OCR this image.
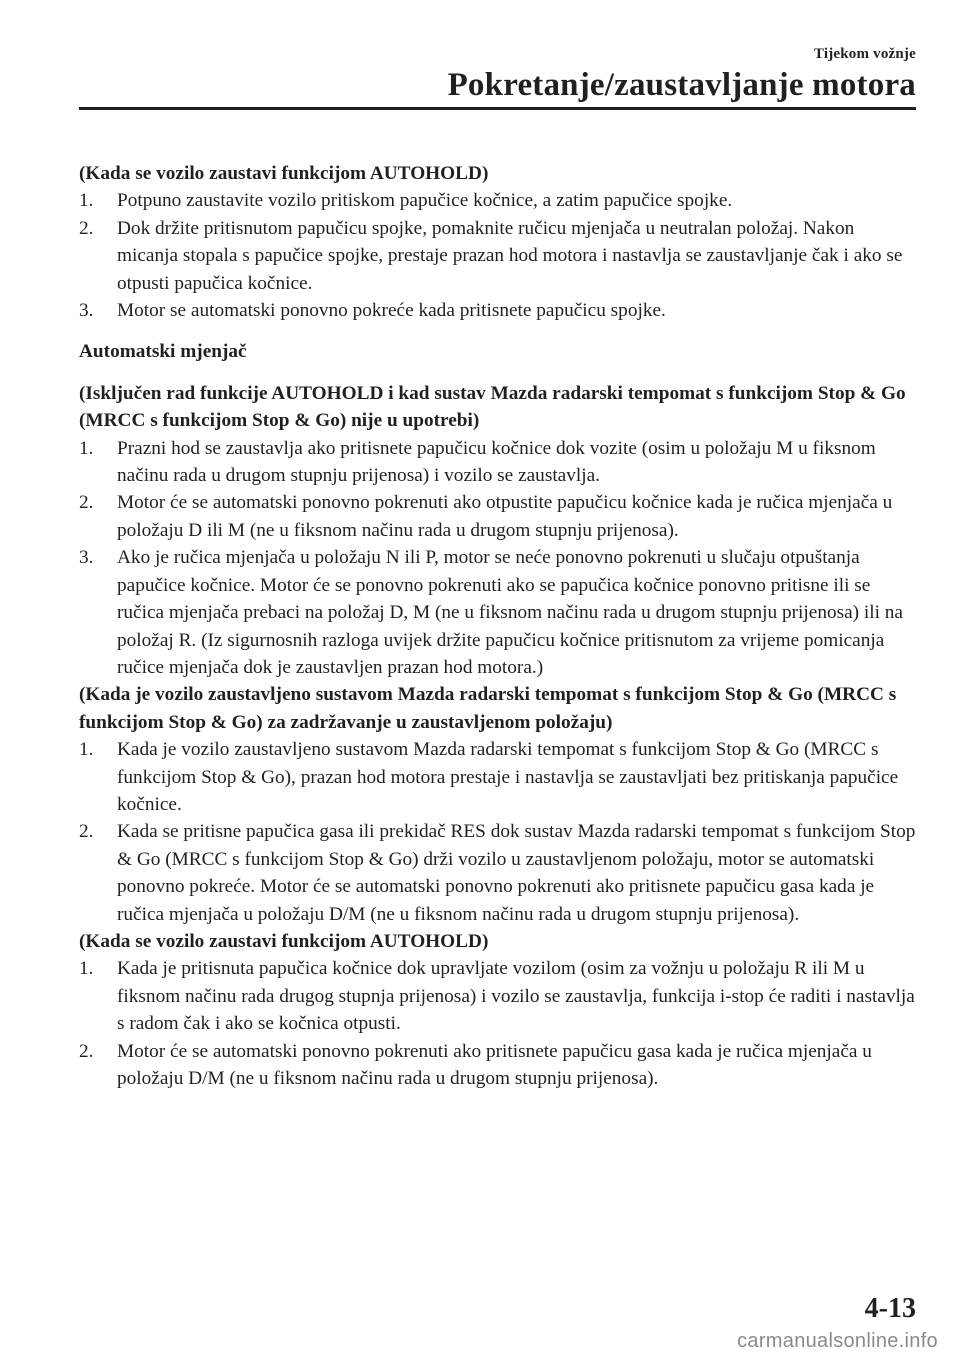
Tijekom vožnje
Pokretanje/zaustavljanje motora
(Kada se vozilo zaustavi funkcijom AUTOHOLD)
1.	Potpuno zaustavite vozilo pritiskom papučice kočnice, a zatim papučice spojke.
2.	Dok držite pritisnutom papučicu spojke, pomaknite ručicu mjenjača u neutralan položaj. Nakon micanja stopala s papučice spojke, prestaje prazan hod motora i nastavlja se zaustavljanje čak i ako se otpusti papučica kočnice.
3.	Motor se automatski ponovno pokreće kada pritisnete papučicu spojke.
Automatski mjenjač
(Isključen rad funkcije AUTOHOLD i kad sustav Mazda radarski tempomat s funkcijom Stop & Go (MRCC s funkcijom Stop & Go) nije u upotrebi)
1.	Prazni hod se zaustavlja ako pritisnete papučicu kočnice dok vozite (osim u položaju M u fiksnom načinu rada u drugom stupnju prijenosa) i vozilo se zaustavlja.
2.	Motor će se automatski ponovno pokrenuti ako otpustite papučicu kočnice kada je ručica mjenjača u položaju D ili M (ne u fiksnom načinu rada u drugom stupnju prijenosa).
3.	Ako je ručica mjenjača u položaju N ili P, motor se neće ponovno pokrenuti u slučaju otpuštanja papučice kočnice. Motor će se ponovno pokrenuti ako se papučica kočnice ponovno pritisne ili se ručica mjenjača prebaci na položaj D, M (ne u fiksnom načinu rada u drugom stupnju prijenosa) ili na položaj R. (Iz sigurnosnih razloga uvijek držite papučicu kočnice pritisnutom za vrijeme pomicanja ručice mjenjača dok je zaustavljen prazan hod motora.)
(Kada je vozilo zaustavljeno sustavom Mazda radarski tempomat s funkcijom Stop & Go (MRCC s funkcijom Stop & Go) za zadržavanje u zaustavljenom položaju)
1.	Kada je vozilo zaustavljeno sustavom Mazda radarski tempomat s funkcijom Stop & Go (MRCC s funkcijom Stop & Go), prazan hod motora prestaje i nastavlja se zaustavljati bez pritiskanja papučice kočnice.
2.	Kada se pritisne papučica gasa ili prekidač RES dok sustav Mazda radarski tempomat s funkcijom Stop & Go (MRCC s funkcijom Stop & Go) drži vozilo u zaustavljenom položaju, motor se automatski ponovno pokreće. Motor će se automatski ponovno pokrenuti ako pritisnete papučicu gasa kada je ručica mjenjača u položaju D/M (ne u fiksnom načinu rada u drugom stupnju prijenosa).
(Kada se vozilo zaustavi funkcijom AUTOHOLD)
1.	Kada je pritisnuta papučica kočnice dok upravljate vozilom (osim za vožnju u položaju R ili M u fiksnom načinu rada drugog stupnja prijenosa) i vozilo se zaustavlja, funkcija i-stop će raditi i nastavlja s radom čak i ako se kočnica otpusti.
2.	Motor će se automatski ponovno pokrenuti ako pritisnete papučicu gasa kada je ručica mjenjača u položaju D/M (ne u fiksnom načinu rada u drugom stupnju prijenosa).
4-13
carmanualsonline.info
